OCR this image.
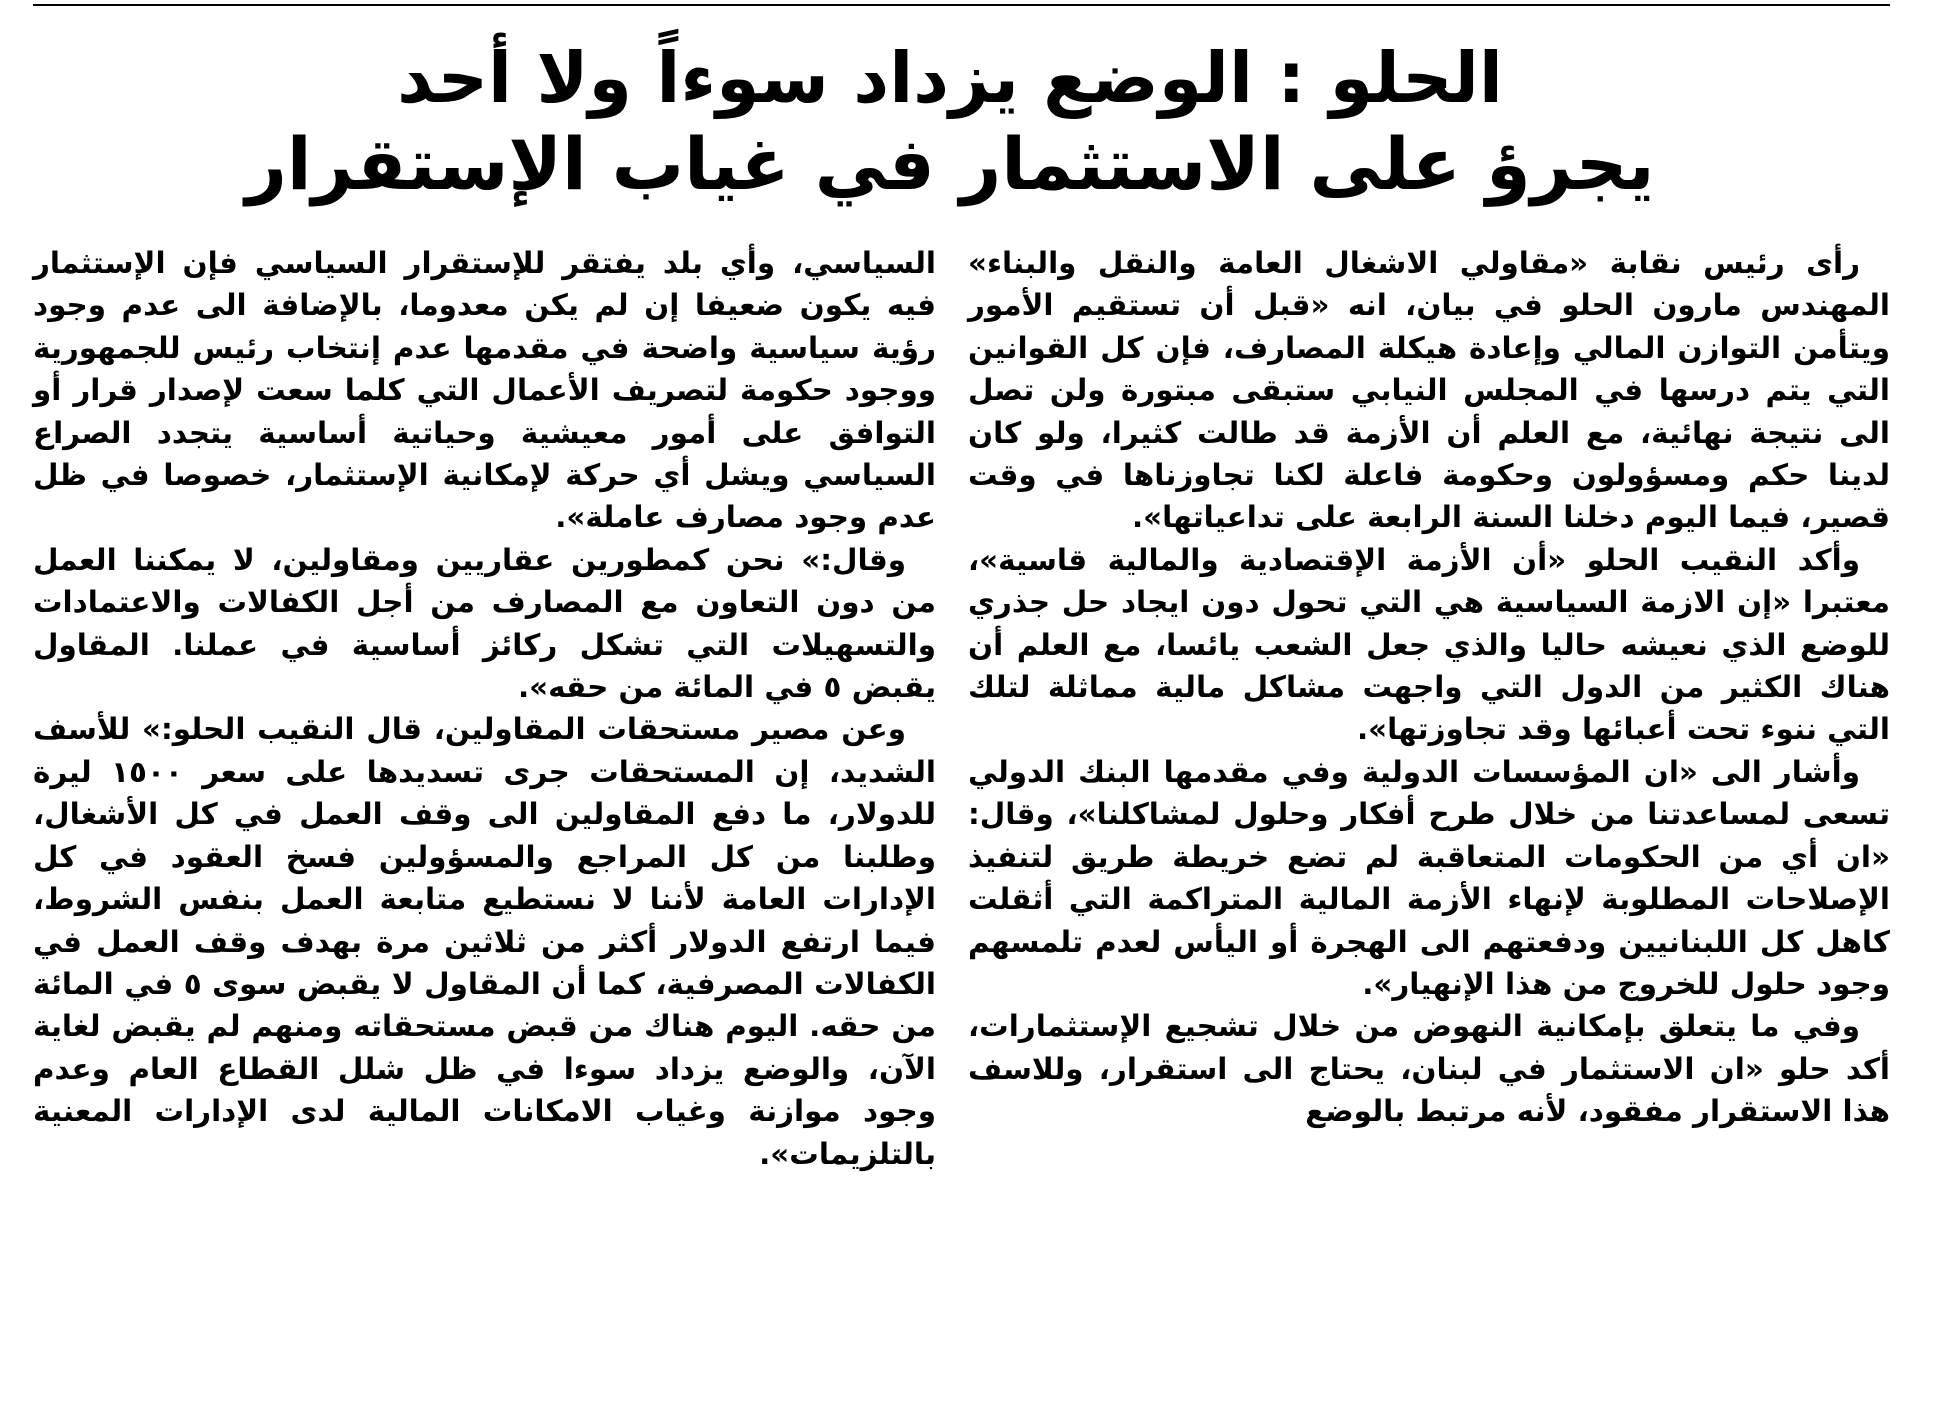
الحلو : الوضع يزداد سوءاً ولا أحد
يجرؤ على الاستثمار في غياب الإستقرار

رأى رئيس نقابة «مقاولي الاشغال العامة والنقل والبناء» المهندس مارون الحلو في بيان، انه «قبل أن تستقيم الأمور ويتأمن التوازن المالي وإعادة هيكلة المصارف، فإن كل القوانين التي يتم درسها في المجلس النيابي ستبقى مبتورة ولن تصل الى نتيجة نهائية، مع العلم أن الأزمة قد طالت كثيرا، ولو كان لدينا حكم ومسؤولون وحكومة فاعلة لكنا تجاوزناها في وقت قصير، فيما اليوم دخلنا السنة الرابعة على تداعياتها».

وأكد النقيب الحلو «أن الأزمة الإقتصادية والمالية قاسية»، معتبرا «إن الازمة السياسية هي التي تحول دون ايجاد حل جذري للوضع الذي نعيشه حاليا والذي جعل الشعب يائسا، مع العلم أن هناك الكثير من الدول التي واجهت مشاكل مالية مماثلة لتلك التي ننوء تحت أعبائها وقد تجاوزتها».

وأشار الى «ان المؤسسات الدولية وفي مقدمها البنك الدولي تسعى لمساعدتنا من خلال طرح أفكار وحلول لمشاكلنا»، وقال: «ان أي من الحكومات المتعاقبة لم تضع خريطة طريق لتنفيذ الإصلاحات المطلوبة لإنهاء الأزمة المالية المتراكمة التي أثقلت كاهل كل اللبنانيين ودفعتهم الى الهجرة أو اليأس لعدم تلمسهم وجود حلول للخروج من هذا الإنهيار».

وفي ما يتعلق بإمكانية النهوض من خلال تشجيع الإستثمارات، أكد حلو «ان الاستثمار في لبنان، يحتاج الى استقرار، وللاسف هذا الاستقرار مفقود، لأنه مرتبط بالوضع

السياسي، وأي بلد يفتقر للإستقرار السياسي فإن الإستثمار فيه يكون ضعيفا إن لم يكن معدوما، بالإضافة الى عدم وجود رؤية سياسية واضحة في مقدمها عدم إنتخاب رئيس للجمهورية ووجود حكومة لتصريف الأعمال التي كلما سعت لإصدار قرار أو التوافق على أمور معيشية وحياتية أساسية يتجدد الصراع السياسي ويشل أي حركة لإمكانية الإستثمار، خصوصا في ظل عدم وجود مصارف عاملة».

وقال:» نحن كمطورين عقاريين ومقاولين، لا يمكننا العمل من دون التعاون مع المصارف من أجل الكفالات والاعتمادات والتسهيلات التي تشكل ركائز أساسية في عملنا. المقاول يقبض ٥ في المائة من حقه».

وعن مصير مستحقات المقاولين، قال النقيب الحلو:» للأسف الشديد، إن المستحقات جرى تسديدها على سعر ١٥٠٠ ليرة للدولار، ما دفع المقاولين الى وقف العمل في كل الأشغال، وطلبنا من كل المراجع والمسؤولين فسخ العقود في كل الإدارات العامة لأننا لا نستطيع متابعة العمل بنفس الشروط، فيما ارتفع الدولار أكثر من ثلاثين مرة بهدف وقف العمل في الكفالات المصرفية، كما أن المقاول لا يقبض سوى ٥ في المائة من حقه. اليوم هناك من قبض مستحقاته ومنهم لم يقبض لغاية الآن، والوضع يزداد سوءا في ظل شلل القطاع العام وعدم وجود موازنة وغياب الامكانات المالية لدى الإدارات المعنية بالتلزيمات».
